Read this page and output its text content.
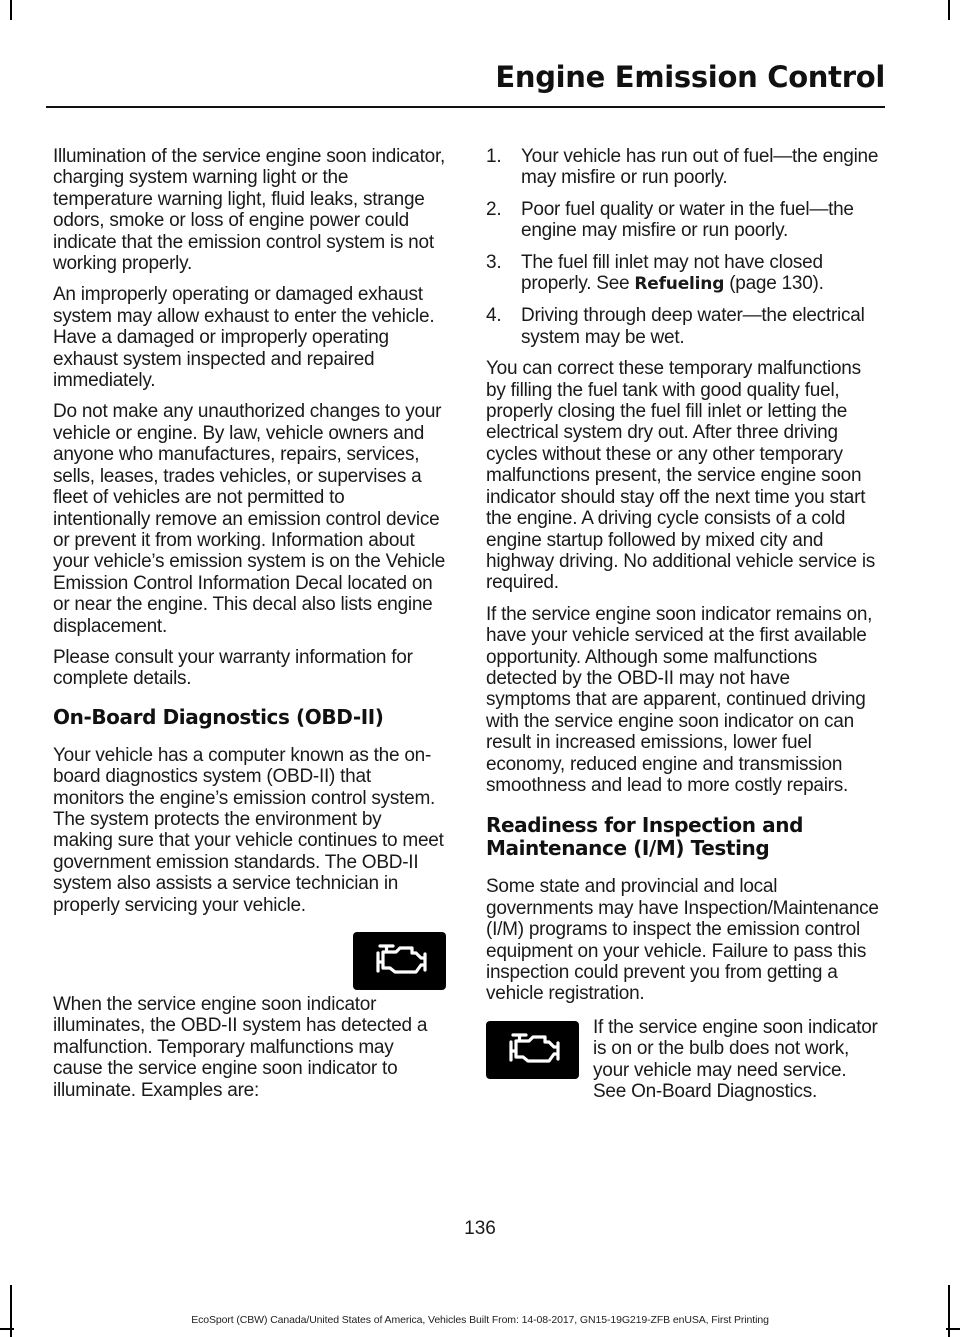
Engine Emission Control

Illumination of the service engine soon indicator, charging system warning light or the temperature warning light, fluid leaks, strange odors, smoke or loss of engine power could indicate that the emission control system is not working properly.

An improperly operating or damaged exhaust system may allow exhaust to enter the vehicle. Have a damaged or improperly operating exhaust system inspected and repaired immediately.

Do not make any unauthorized changes to your vehicle or engine. By law, vehicle owners and anyone who manufactures, repairs, services, sells, leases, trades vehicles, or supervises a fleet of vehicles are not permitted to intentionally remove an emission control device or prevent it from working. Information about your vehicle’s emission system is on the Vehicle Emission Control Information Decal located on or near the engine. This decal also lists engine displacement.

Please consult your warranty information for complete details.

On-Board Diagnostics (OBD-II)

Your vehicle has a computer known as the on-board diagnostics system (OBD-II) that monitors the engine’s emission control system. The system protects the environment by making sure that your vehicle continues to meet government emission standards. The OBD-II system also assists a service technician in properly servicing your vehicle.

When the service engine soon indicator illuminates, the OBD-II system has detected a malfunction. Temporary malfunctions may cause the service engine soon indicator to illuminate. Examples are:
1. Your vehicle has run out of fuel—the engine may misfire or run poorly.
2. Poor fuel quality or water in the fuel—the engine may misfire or run poorly.
3. The fuel fill inlet may not have closed properly. See Refueling (page 130).
4. Driving through deep water—the electrical system may be wet.

You can correct these temporary malfunctions by filling the fuel tank with good quality fuel, properly closing the fuel fill inlet or letting the electrical system dry out. After three driving cycles without these or any other temporary malfunctions present, the service engine soon indicator should stay off the next time you start the engine. A driving cycle consists of a cold engine startup followed by mixed city and highway driving. No additional vehicle service is required.

If the service engine soon indicator remains on, have your vehicle serviced at the first available opportunity. Although some malfunctions detected by the OBD-II may not have symptoms that are apparent, continued driving with the service engine soon indicator on can result in increased emissions, lower fuel economy, reduced engine and transmission smoothness and lead to more costly repairs.

Readiness for Inspection and Maintenance (I/M) Testing

Some state and provincial and local governments may have Inspection/Maintenance (I/M) programs to inspect the emission control equipment on your vehicle. Failure to pass this inspection could prevent you from getting a vehicle registration.

If the service engine soon indicator is on or the bulb does not work, your vehicle may need service. See On-Board Diagnostics.
136
EcoSport (CBW) Canada/United States of America, Vehicles Built From: 14-08-2017, GN15-19G219-ZFB enUSA, First Printing
